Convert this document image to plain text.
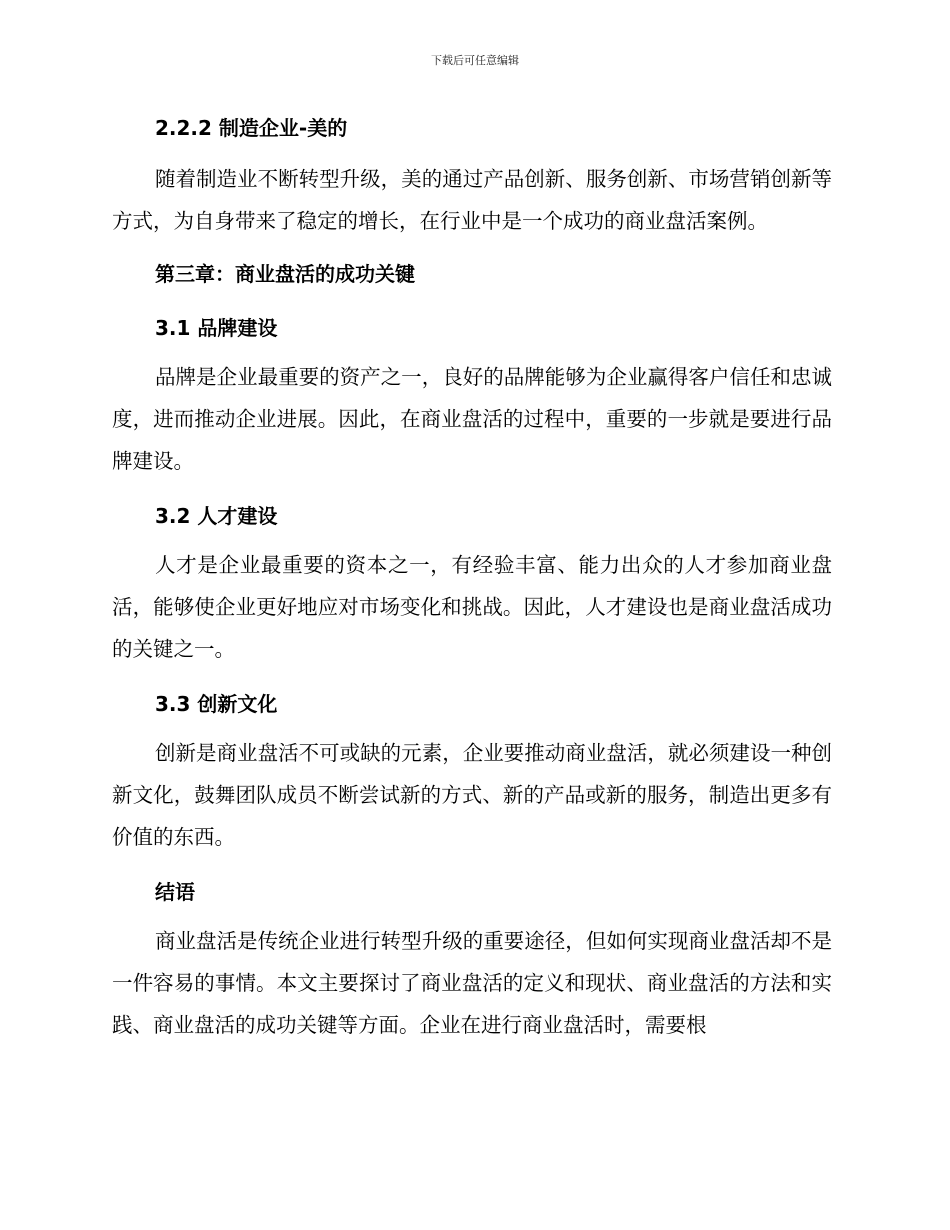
下载后可任意编辑
2.2.2 制造企业-美的

随着制造业不断转型升级，美的通过产品创新、服务创新、市场营销创新等方式，为自身带来了稳定的增长，在行业中是一个成功的商业盘活案例。

第三章：商业盘活的成功关键
3.1 品牌建设

品牌是企业最重要的资产之一，良好的品牌能够为企业赢得客户信任和忠诚度，进而推动企业进展。因此，在商业盘活的过程中，重要的一步就是要进行品牌建设。

3.2 人才建设

人才是企业最重要的资本之一，有经验丰富、能力出众的人才参加商业盘活，能够使企业更好地应对市场变化和挑战。因此，人才建设也是商业盘活成功的关键之一。

3.3 创新文化

创新是商业盘活不可或缺的元素，企业要推动商业盘活，就必须建设一种创新文化，鼓舞团队成员不断尝试新的方式、新的产品或新的服务，制造出更多有价值的东西。

结语

商业盘活是传统企业进行转型升级的重要途径，但如何实现商业盘活却不是一件容易的事情。本文主要探讨了商业盘活的定义和现状、商业盘活的方法和实践、商业盘活的成功关键等方面。企业在进行商业盘活时，需要根
